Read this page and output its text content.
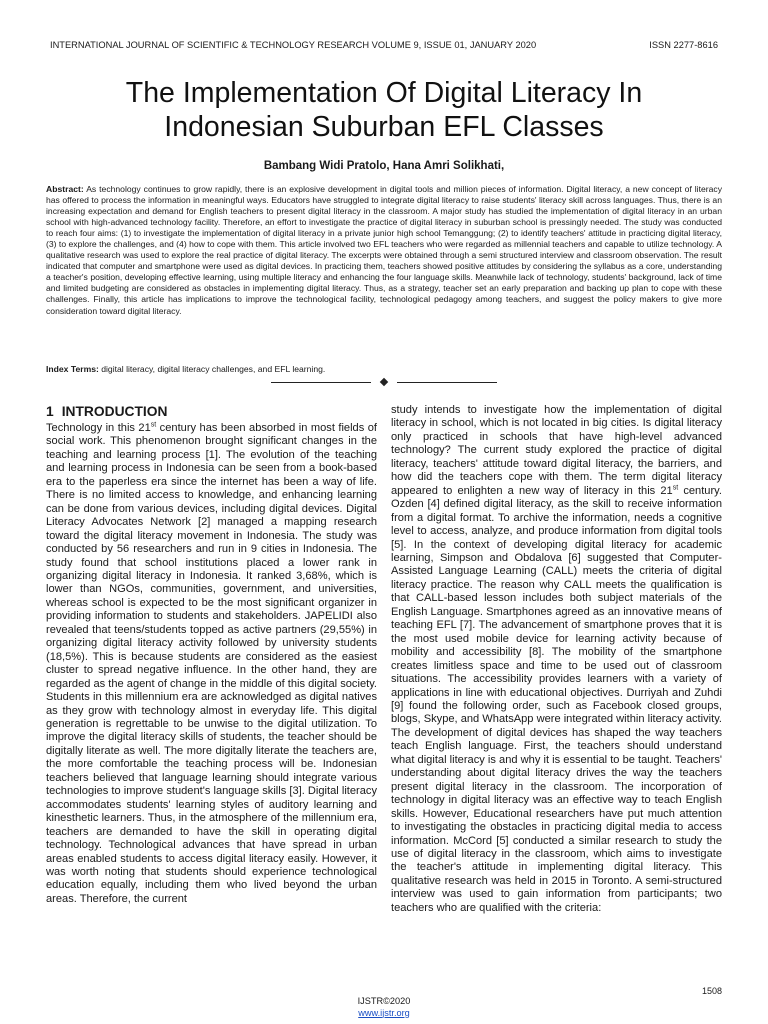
INTERNATIONAL JOURNAL OF SCIENTIFIC & TECHNOLOGY RESEARCH VOLUME 9, ISSUE 01, JANUARY 2020	ISSN 2277-8616
The Implementation Of Digital Literacy In
Indonesian Suburban EFL Classes
Bambang Widi Pratolo, Hana Amri Solikhati,
Abstract: As technology continues to grow rapidly, there is an explosive development in digital tools and million pieces of information. Digital literacy, a new concept of literacy has offered to process the information in meaningful ways. Educators have struggled to integrate digital literacy to raise students' literacy skill across languages. Thus, there is an increasing expectation and demand for English teachers to present digital literacy in the classroom. A major study has studied the implementation of digital literacy in an urban school with high-advanced technology facility. Therefore, an effort to investigate the practice of digital literacy in suburban school is pressingly needed. The study was conducted to reach four aims: (1) to investigate the implementation of digital literacy in a private junior high school Temanggung; (2) to identify teachers' attitude in practicing digital literacy, (3) to explore the challenges, and (4) how to cope with them. This article involved two EFL teachers who were regarded as millennial teachers and capable to utilize technology. A qualitative research was used to explore the real practice of digital literacy. The excerpts were obtained through a semi structured interview and classroom observation. The result indicated that computer and smartphone were used as digital devices. In practicing them, teachers showed positive attitudes by considering the syllabus as a core, understanding a teacher's position, developing effective learning, using multiple literacy and enhancing the four language skills. Meanwhile lack of technology, students' background, lack of time and limited budgeting are considered as obstacles in implementing digital literacy. Thus, as a strategy, teacher set an early preparation and backing up plan to cope with these challenges. Finally, this article has implications to improve the technological facility, technological pedagogy among teachers, and suggest the policy makers to give more consideration toward digital literacy.
Index Terms: digital literacy, digital literacy challenges, and EFL learning.
1 INTRODUCTION

Technology in this 21st century has been absorbed in most fields of social work. This phenomenon brought significant changes in the teaching and learning process [1]. The evolution of the teaching and learning process in Indonesia can be seen from a book-based era to the paperless era since the internet has been a way of life. There is no limited access to knowledge, and enhancing learning can be done from various devices, including digital devices. Digital Literacy Advocates Network [2] managed a mapping research toward the digital literacy movement in Indonesia. The study was conducted by 56 researchers and run in 9 cities in Indonesia. The study found that school institutions placed a lower rank in organizing digital literacy in Indonesia. It ranked 3,68%, which is lower than NGOs, communities, government, and universities, whereas school is expected to be the most significant organizer in providing information to students and stakeholders. JAPELIDI also revealed that teens/students topped as active partners (29,55%) in organizing digital literacy activity followed by university students (18,5%). This is because students are considered as the easiest cluster to spread negative influence. In the other hand, they are regarded as the agent of change in the middle of this digital society. Students in this millennium era are acknowledged as digital natives as they grow with technology almost in everyday life. This digital generation is regrettable to be unwise to the digital utilization. To improve the digital literacy skills of students, the teacher should be digitally literate as well. The more digitally literate the teachers are, the more comfortable the teaching process will be. Indonesian teachers believed that language learning should integrate various technologies to improve student's language skills [3]. Digital literacy accommodates students' learning styles of auditory learning and kinesthetic learners. Thus, in the atmosphere of the millennium era, teachers are demanded to have the skill in operating digital technology. Technological advances that have spread in urban areas enabled students to access digital literacy easily. However, it was worth noting that students should experience technological education equally, including them who lived beyond the urban areas. Therefore, the current

study intends to investigate how the implementation of digital literacy in school, which is not located in big cities. Is digital literacy only practiced in schools that have high-level advanced technology? The current study explored the practice of digital literacy, teachers' attitude toward digital literacy, the barriers, and how did the teachers cope with them. The term digital literacy appeared to enlighten a new way of literacy in this 21st century. Ozden [4] defined digital literacy, as the skill to receive information from a digital format. To archive the information, needs a cognitive level to access, analyze, and produce information from digital tools [5]. In the context of developing digital literacy for academic learning, Simpson and Obdalova [6] suggested that Computer-Assisted Language Learning (CALL) meets the criteria of digital literacy practice. The reason why CALL meets the qualification is that CALL-based lesson includes both subject materials of the English Language. Smartphones agreed as an innovative means of teaching EFL [7]. The advancement of smartphone proves that it is the most used mobile device for learning activity because of mobility and accessibility [8]. The mobility of the smartphone creates limitless space and time to be used out of classroom situations. The accessibility provides learners with a variety of applications in line with educational objectives. Durriyah and Zuhdi [9] found the following order, such as Facebook closed groups, blogs, Skype, and WhatsApp were integrated within literacy activity. The development of digital devices has shaped the way teachers teach English language. First, the teachers should understand what digital literacy is and why it is essential to be taught. Teachers' understanding about digital literacy drives the way the teachers present digital literacy in the classroom. The incorporation of technology in digital literacy was an effective way to teach English skills. However, Educational researchers have put much attention to investigating the obstacles in practicing digital media to access information. McCord [5] conducted a similar research to study the use of digital literacy in the classroom, which aims to investigate the teacher's attitude in implementing digital literacy. This qualitative research was held in 2015 in Toronto. A semi-structured interview was used to gain information from participants; two teachers who are qualified with the criteria:

1508
IJSTR©2020
www.ijstr.org
